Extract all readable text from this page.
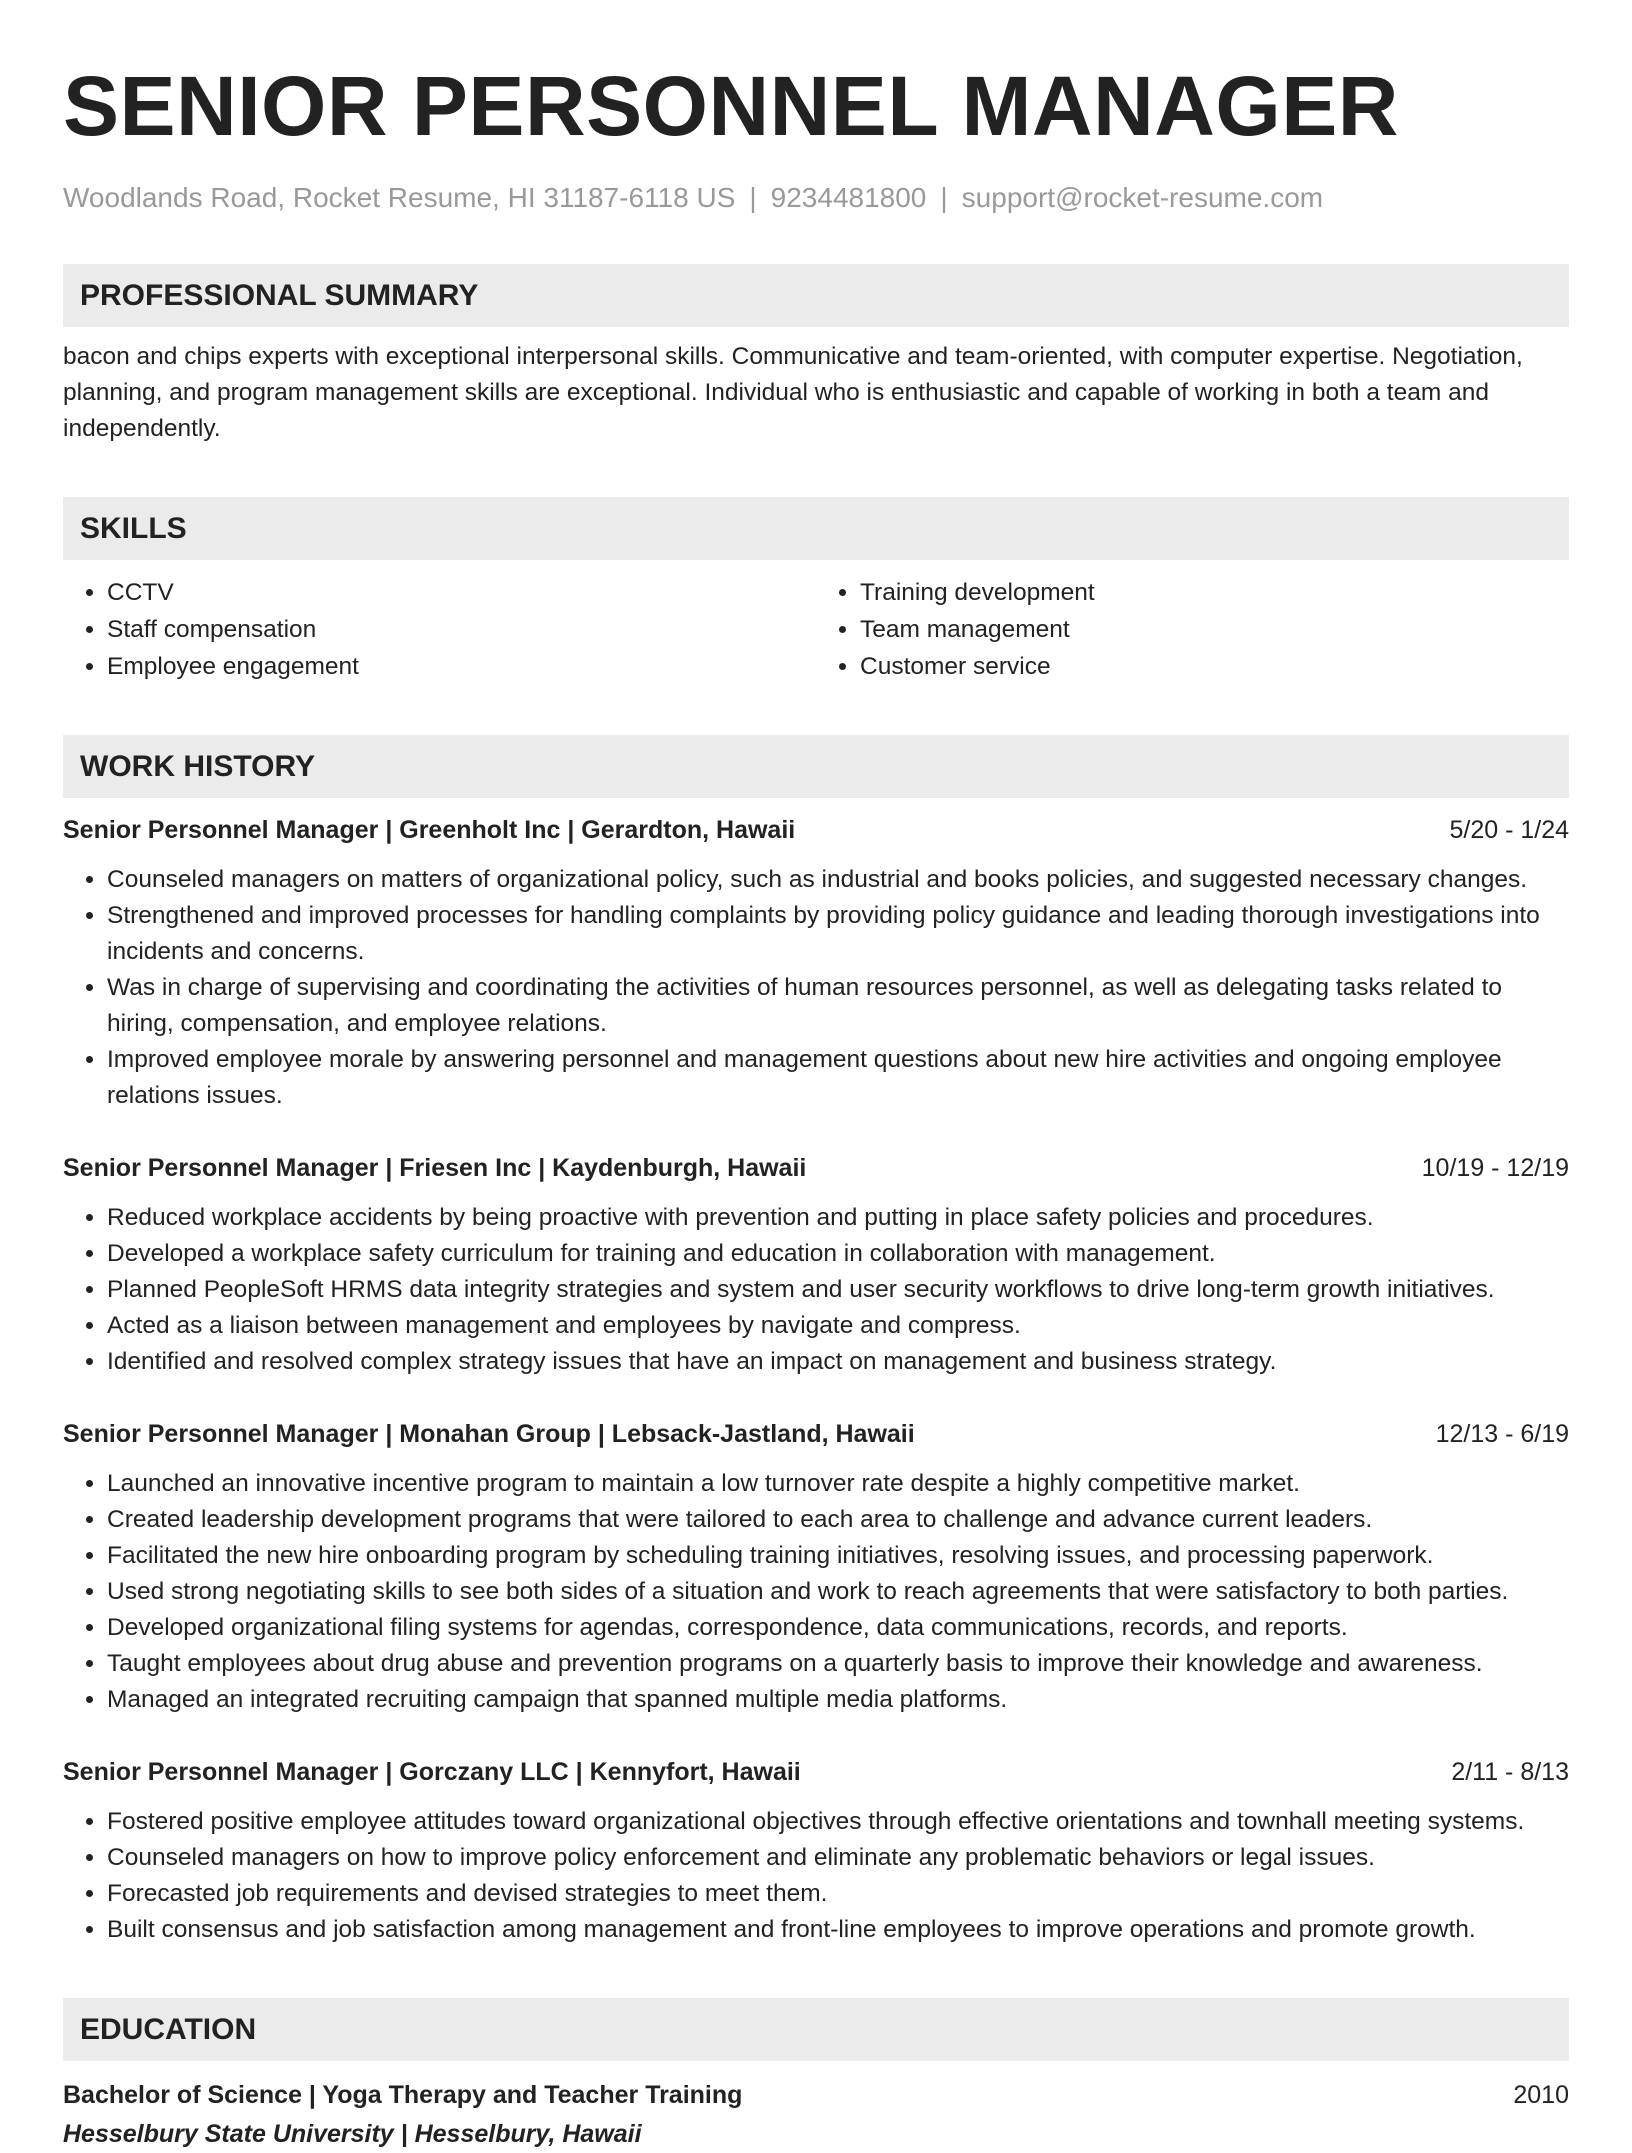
SENIOR PERSONNEL MANAGER
Woodlands Road, Rocket Resume, HI 31187-6118 US | 9234481800 | support@rocket-resume.com
PROFESSIONAL SUMMARY
bacon and chips experts with exceptional interpersonal skills. Communicative and team-oriented, with computer expertise. Negotiation, planning, and program management skills are exceptional. Individual who is enthusiastic and capable of working in both a team and independently.
SKILLS
• CCTV
• Staff compensation
• Employee engagement
• Training development
• Team management
• Customer service
WORK HISTORY
Senior Personnel Manager | Greenholt Inc | Gerardton, Hawaii	5/20 - 1/24
• Counseled managers on matters of organizational policy, such as industrial and books policies, and suggested necessary changes.
• Strengthened and improved processes for handling complaints by providing policy guidance and leading thorough investigations into incidents and concerns.
• Was in charge of supervising and coordinating the activities of human resources personnel, as well as delegating tasks related to hiring, compensation, and employee relations.
• Improved employee morale by answering personnel and management questions about new hire activities and ongoing employee relations issues.
Senior Personnel Manager | Friesen Inc | Kaydenburgh, Hawaii	10/19 - 12/19
• Reduced workplace accidents by being proactive with prevention and putting in place safety policies and procedures.
• Developed a workplace safety curriculum for training and education in collaboration with management.
• Planned PeopleSoft HRMS data integrity strategies and system and user security workflows to drive long-term growth initiatives.
• Acted as a liaison between management and employees by navigate and compress.
• Identified and resolved complex strategy issues that have an impact on management and business strategy.
Senior Personnel Manager | Monahan Group | Lebsack-Jastland, Hawaii	12/13 - 6/19
• Launched an innovative incentive program to maintain a low turnover rate despite a highly competitive market.
• Created leadership development programs that were tailored to each area to challenge and advance current leaders.
• Facilitated the new hire onboarding program by scheduling training initiatives, resolving issues, and processing paperwork.
• Used strong negotiating skills to see both sides of a situation and work to reach agreements that were satisfactory to both parties.
• Developed organizational filing systems for agendas, correspondence, data communications, records, and reports.
• Taught employees about drug abuse and prevention programs on a quarterly basis to improve their knowledge and awareness.
• Managed an integrated recruiting campaign that spanned multiple media platforms.
Senior Personnel Manager | Gorczany LLC | Kennyfort, Hawaii	2/11 - 8/13
• Fostered positive employee attitudes toward organizational objectives through effective orientations and townhall meeting systems.
• Counseled managers on how to improve policy enforcement and eliminate any problematic behaviors or legal issues.
• Forecasted job requirements and devised strategies to meet them.
• Built consensus and job satisfaction among management and front-line employees to improve operations and promote growth.
EDUCATION
Bachelor of Science | Yoga Therapy and Teacher Training	2010
Hesselbury State University | Hesselbury, Hawaii
